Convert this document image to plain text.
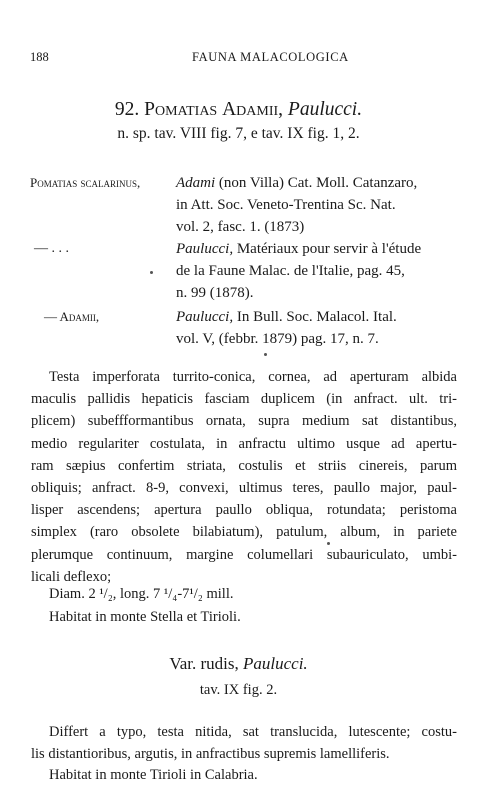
188	FAUNA MALACOLOGICA
92. Pomatias Adamii, Paulucci.
n. sp. tav. VIII fig. 7, e tav. IX fig. 1, 2.
Pomatias scalarinus, Adami (non Villa) Cat. Moll. Catanzaro,
in Att. Soc. Veneto-Trentina Sc. Nat.
vol. 2, fasc. 1. (1873)
— . . .	Paulucci, Matériaux pour servir à l'étude
de la Faune Malac. de l'Italie, pag. 45,
n. 99 (1878).
— Adamii,	Paulucci, In Bull. Soc. Malacol. Ital.
vol. V, (febbr. 1879) pag. 17, n. 7.
Testa imperforata turrito-conica, cornea, ad aperturam albida
maculis pallidis hepaticis fasciam duplicem (in anfract. ult. tri-
plicem) subeffformantibus ornata, supra medium sat distantibus,
medio regulariter costulata, in anfractu ultimo usque ad apertu-
ram sæpius confertim striata, costulis et striis cinereis, parum
obliquis; anfract. 8-9, convexi, ultimus teres, paullo major, paul-
lisper ascendens; apertura paullo obliqua, rotundata; peristoma
simplex (raro obsolete bilabiatum), patulum, album, in pariete
plerumque continuum, margine columellari subauriculato, umbi-
licali deflexo;
Diam. 2 ¹/₂, long. 7 ¹/₄-7¹/₂ mill.
Habitat in monte Stella et Tirioli.
Var. rudis, Paulucci.
tav. IX fig. 2.
Differt a typo, testa nitida, sat translucida, lutescente; costu-
lis distantioribus, argutis, in anfractibus supremis lamelliferis.
Habitat in monte Tirioli in Calabria.
